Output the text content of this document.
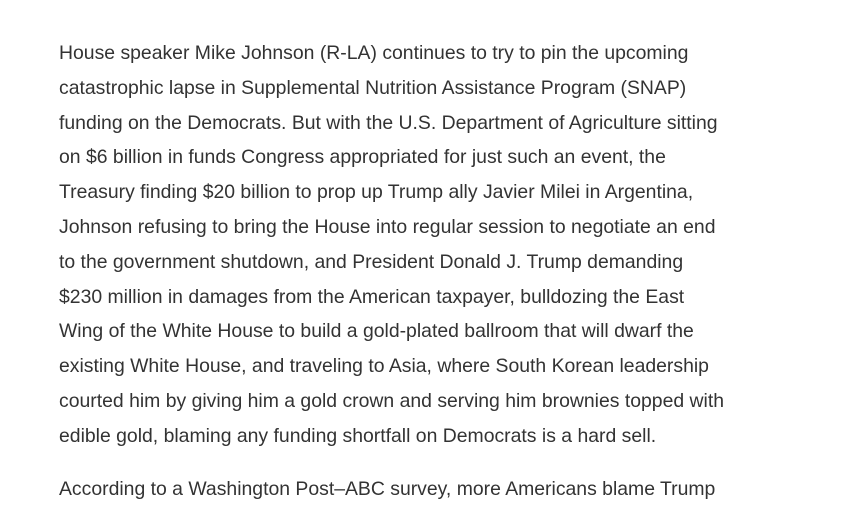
House speaker Mike Johnson (R-LA) continues to try to pin the upcoming
catastrophic lapse in Supplemental Nutrition Assistance Program (SNAP)
funding on the Democrats. But with the U.S. Department of Agriculture sitting
on $6 billion in funds Congress appropriated for just such an event, the
Treasury finding $20 billion to prop up Trump ally Javier Milei in Argentina,
Johnson refusing to bring the House into regular session to negotiate an end
to the government shutdown, and President Donald J. Trump demanding
$230 million in damages from the American taxpayer, bulldozing the East
Wing of the White House to build a gold-plated ballroom that will dwarf the
existing White House, and traveling to Asia, where South Korean leadership
courted him by giving him a gold crown and serving him brownies topped with
edible gold, blaming any funding shortfall on Democrats is a hard sell.

According to a Washington Post–ABC survey, more Americans blame Trump
